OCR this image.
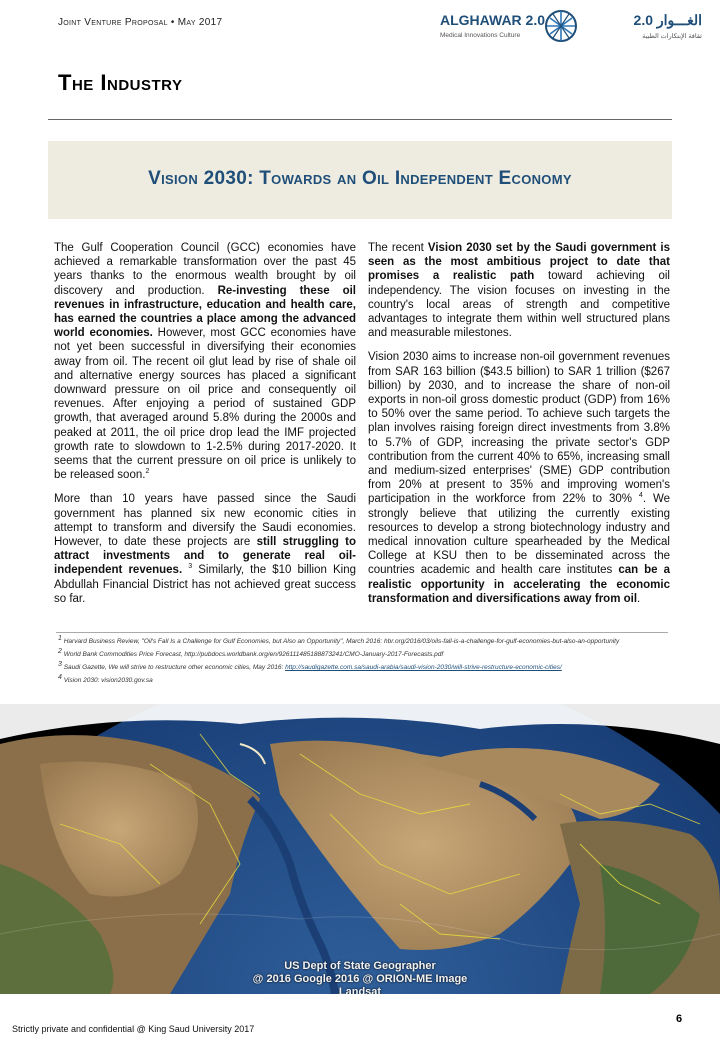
Joint Venture Proposal • May 2017	ALGHAWAR 2.0
Medical Innovations Culture
الغـــوار 2.0
ثقافة الإبتكارات الطبية
The Industry
Vision 2030: Towards an Oil Independent Economy

The Gulf Cooperation Council (GCC) economies have achieved a remarkable transformation over the past 45 years thanks to the enormous wealth brought by oil discovery and production. Re-investing these oil revenues in infrastructure, education and health care, has earned the countries a place among the advanced world economies. However, most GCC economies have not yet been successful in diversifying their economies away from oil. The recent oil glut lead by rise of shale oil and alternative energy sources has placed a significant downward pressure on oil price and consequently oil revenues. After enjoying a period of sustained GDP growth, that averaged around 5.8% during the 2000s and peaked at 2011, the oil price drop lead the IMF projected growth rate to slowdown to 1-2.5% during 2017-2020. It seems that the current pressure on oil price is unlikely to be released soon.$^2$

More than 10 years have passed since the Saudi government has planned six new economic cities in attempt to transform and diversify the Saudi economies. However, to date these projects are still struggling to attract investments and to generate real oil-independent revenues. $^3$ Similarly, the $10 billion King Abdullah Financial District has not achieved great success so far.

The recent Vision 2030 set by the Saudi government is seen as the most ambitious project to date that promises a realistic path toward achieving oil independency. The vision focuses on investing in the country's local areas of strength and competitive advantages to integrate them within well structured plans and measurable milestones.

Vision 2030 aims to increase non-oil government revenues from SAR 163 billion ($43.5 billion) to SAR 1 trillion ($267 billion) by 2030, and to increase the share of non-oil exports in non-oil gross domestic product (GDP) from 16% to 50% over the same period. To achieve such targets the plan involves raising foreign direct investments from 3.8% to 5.7% of GDP, increasing the private sector's GDP contribution from the current 40% to 65%, increasing small and medium-sized enterprises' (SME) GDP contribution from 20% at present to 35% and improving women's participation in the workforce from 22% to 30% $^4$. We strongly believe that utilizing the currently existing resources to develop a strong biotechnology industry and medical innovation culture spearheaded by the Medical College at KSU then to be disseminated across the countries academic and health care institutes can be a realistic opportunity in accelerating the economic transformation and diversifications away from oil.

$^1$ Harvard Business Review, "Oil's Fall Is a Challenge for Gulf Economies, but Also an Opportunity", March 2016: hbr.org/2016/03/oils-fall-is-a-challenge-for-gulf-economies-but-also-an-opportunity
$^2$ World Bank Commodities Price Forecast, http://pubdocs.worldbank.org/en/926111485188873241/CMO-January-2017-Forecasts.pdf
$^3$ Saudi Gazette, We will strive to restructure other economic cities, May 2016: http://saudigazette.com.sa/saudi-arabia/saudi-vision-2030/will-strive-restructure-economic-cities/
$^4$ Vision 2030: vision2030.gov.sa
US Dept of State Geographer
@ 2016 Google 2016 @ ORION-ME Image
Landsat
Strictly private and confidential @ King Saud University 2017
6
